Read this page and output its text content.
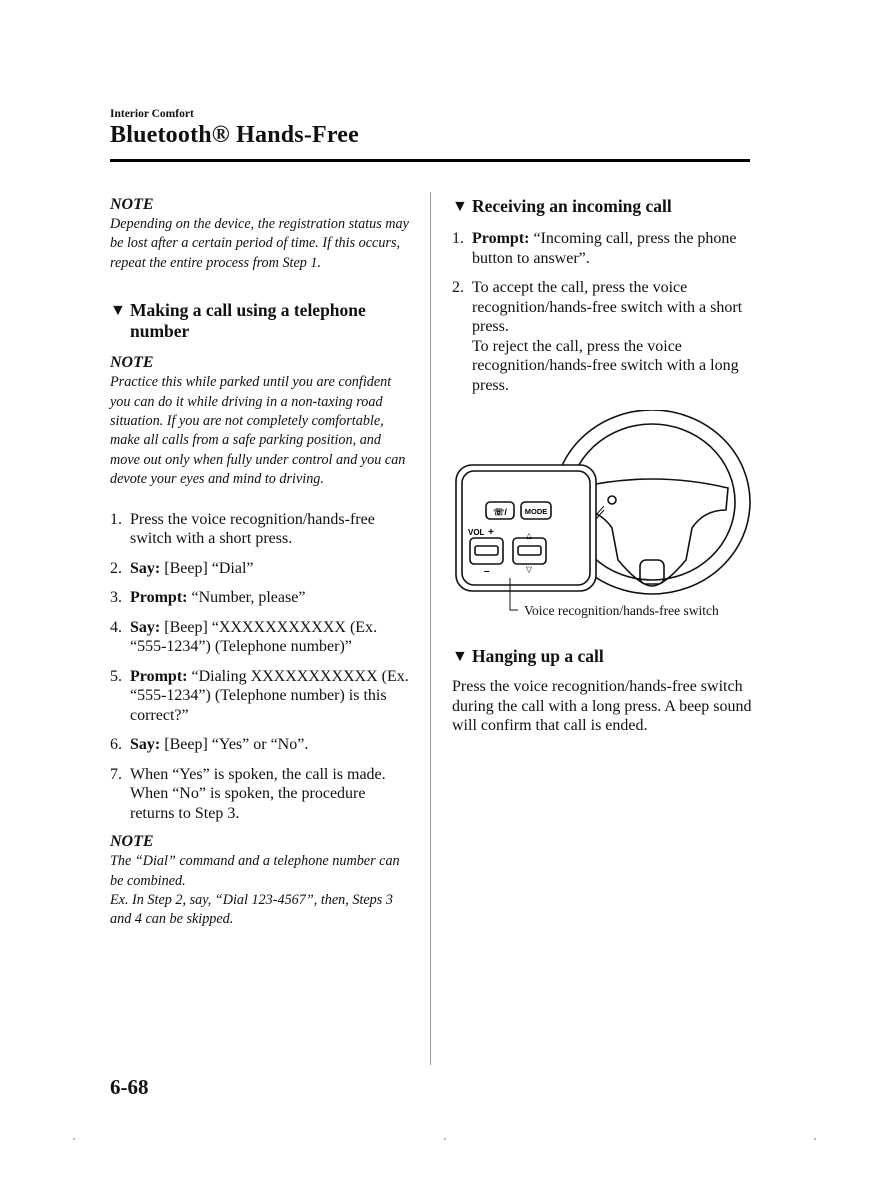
Interior Comfort
Bluetooth® Hands-Free

NOTE

Depending on the device, the registration status may be lost after a certain period of time. If this occurs, repeat the entire process from Step 1.

▼ Making a call using a telephone number

NOTE

Practice this while parked until you are confident you can do it while driving in a non-taxing road situation. If you are not completely comfortable, make all calls from a safe parking position, and move out only when fully under control and you can devote your eyes and mind to driving.

1. Press the voice recognition/hands-free switch with a short press.
2. Say: [Beep] “Dial”
3. Prompt: “Number, please”
4. Say: [Beep] “XXXXXXXXXXX (Ex. “555-1234”) (Telephone number)”
5. Prompt: “Dialing XXXXXXXXXXX (Ex. “555-1234”) (Telephone number) is this correct?”
6. Say: [Beep] “Yes” or “No”.
7. When “Yes” is spoken, the call is made.
When “No” is spoken, the procedure returns to Step 3.

NOTE

The “Dial” command and a telephone number can be combined.

Ex. In Step 2, say, “Dial 123-4567”, then, Steps 3 and 4 can be skipped.

▼ Receiving an incoming call
1. Prompt: “Incoming call, press the phone button to answer”.
2. To accept the call, press the voice recognition/hands-free switch with a short press.
To reject the call, press the voice recognition/hands-free switch with a long press.
☏/ MODE
VOL +
–
△
▽
Voice recognition/hands-free switch
▼ Hanging up a call

Press the voice recognition/hands-free switch during the call with a long press. A beep sound will confirm that call is ended.

6-68
